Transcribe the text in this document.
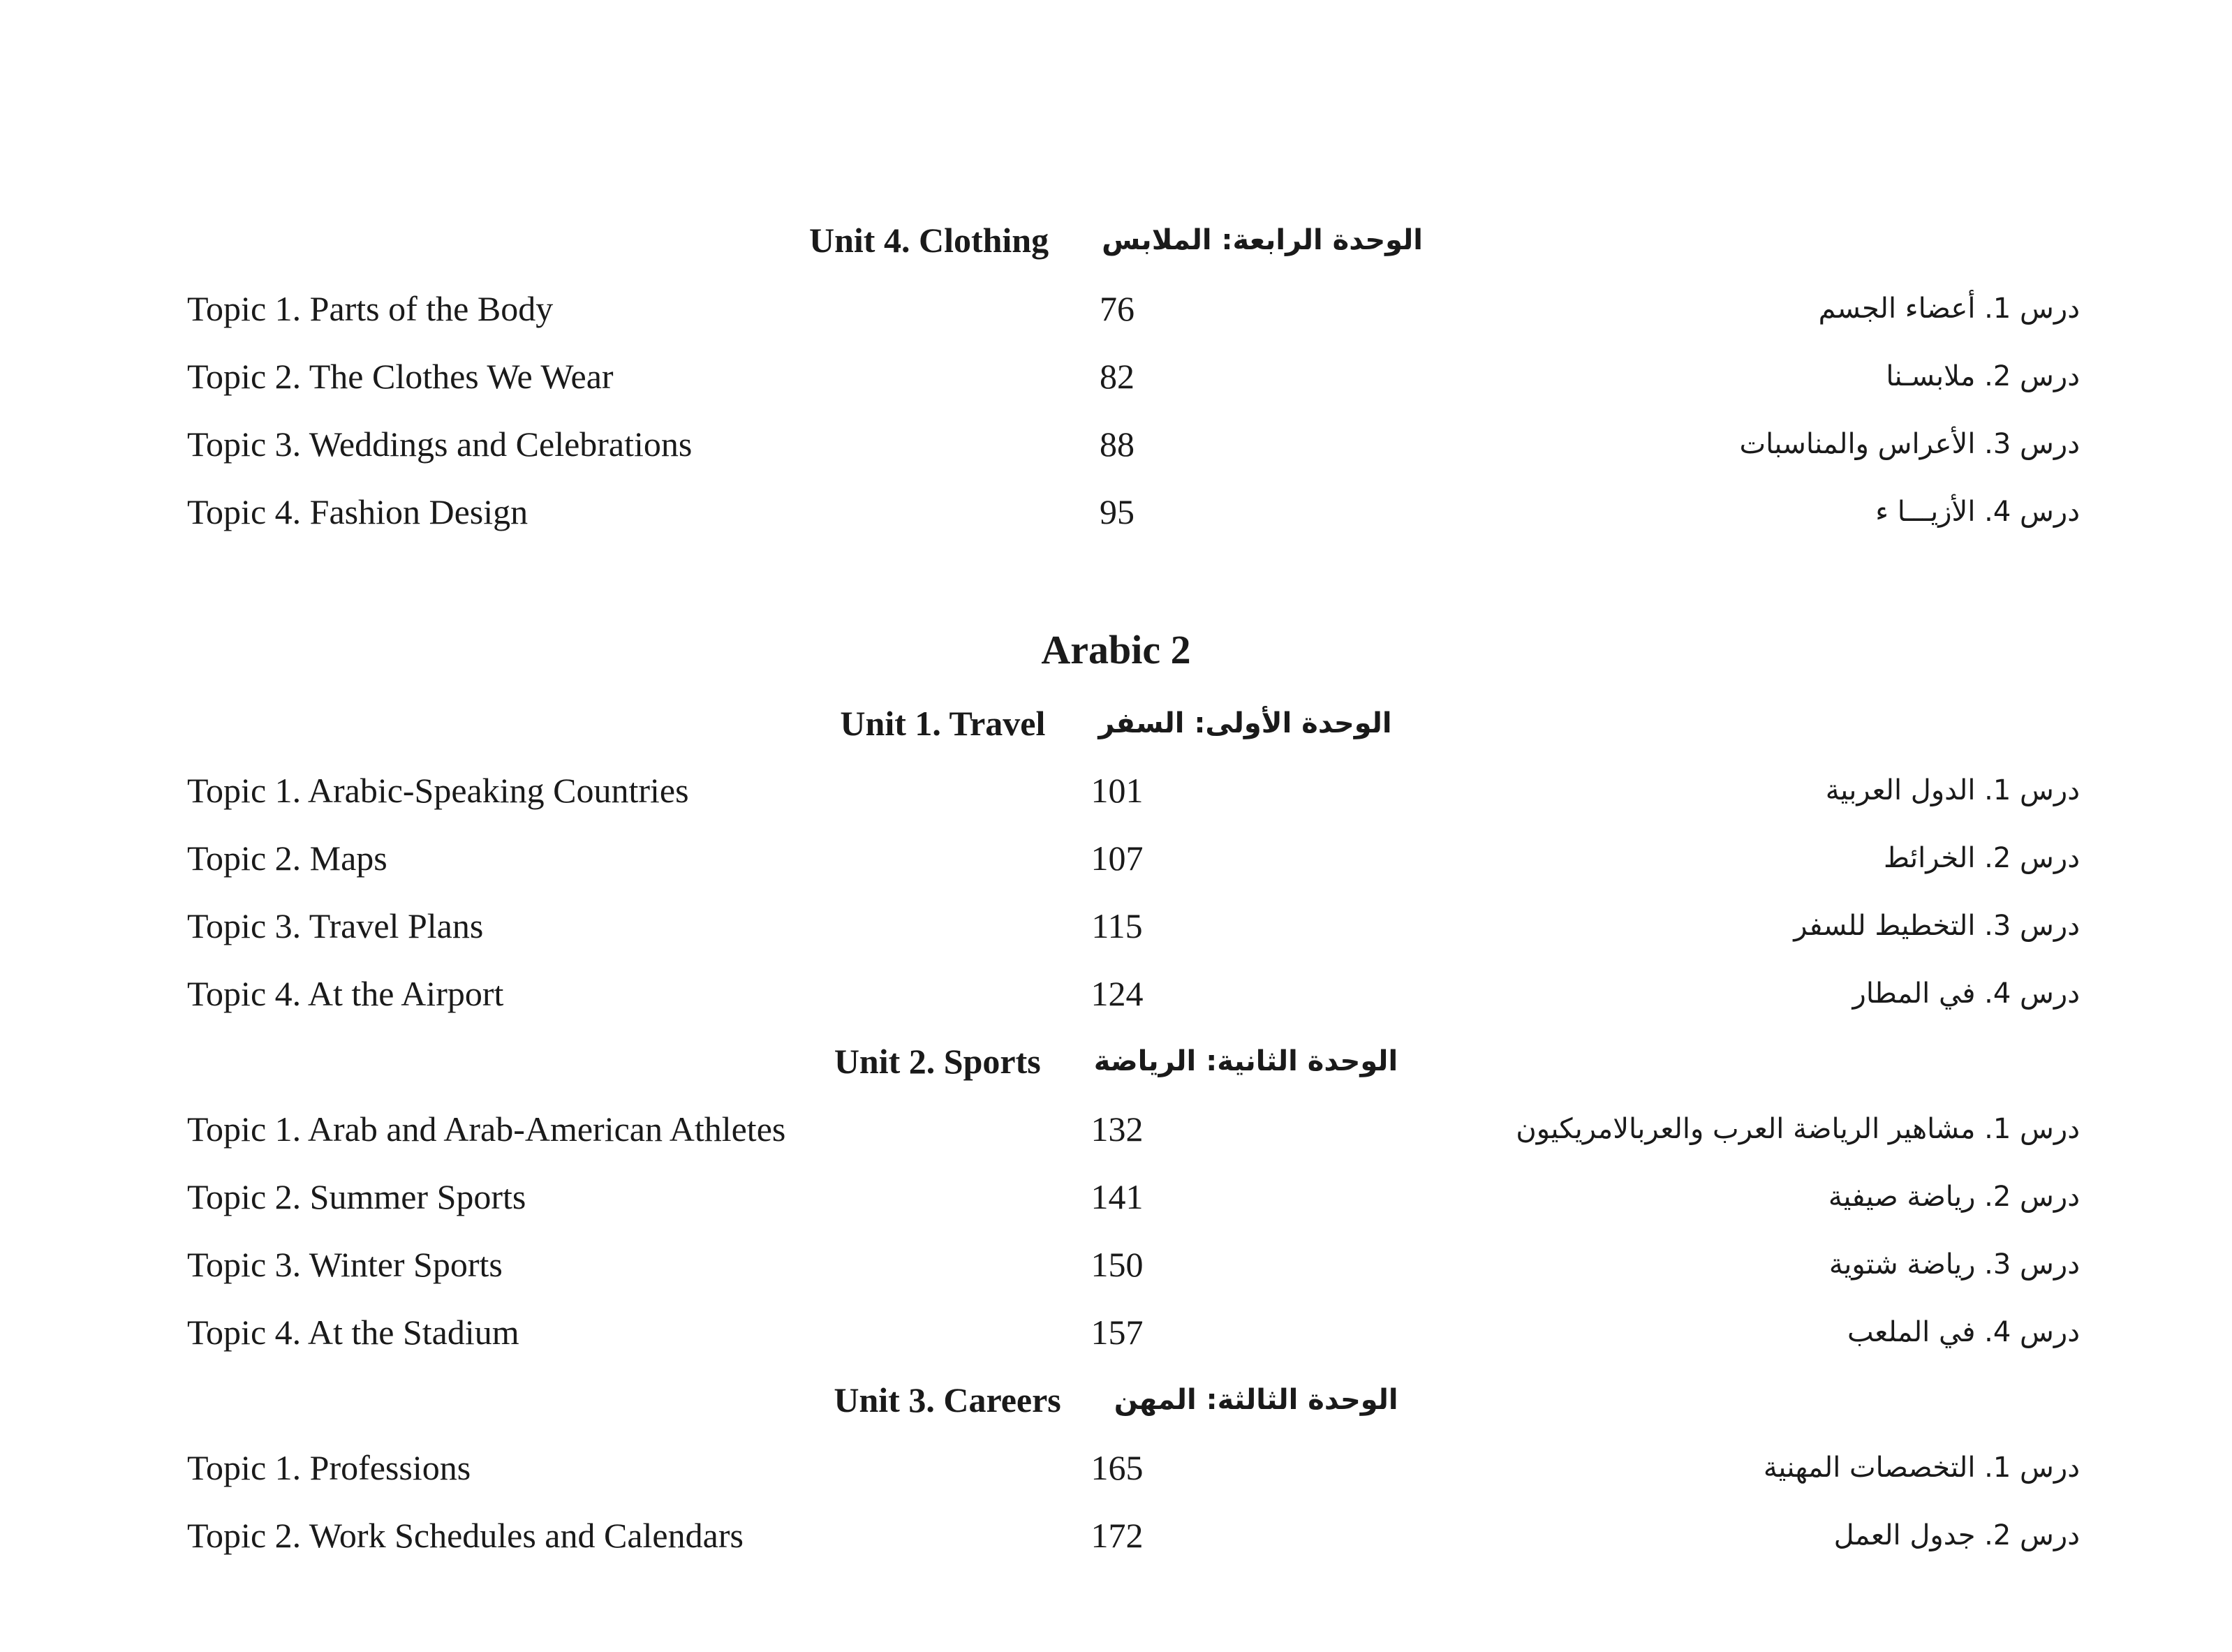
Unit 4. Clothing الوحدة الرابعة: الملابس
Topic 1. Parts of the Body	76	درس 1. أعضاء الجسم
Topic 2. The Clothes We Wear	82	درس 2. ملابسـنا
Topic 3. Weddings and Celebrations	88	درس 3. الأعراس والمناسبات
Topic 4. Fashion Design	95	درس 4. الأزيـــا ء
Arabic 2
Unit 1. Travel الوحدة الأولى: السفر
Topic 1. Arabic-Speaking Countries	101	درس 1. الدول العربية
Topic 2. Maps	107	درس 2. الخرائط
Topic 3. Travel Plans	115	درس 3. التخطيط للسفر
Topic 4. At the Airport	124	درس 4. في المطار
Unit 2. Sports الوحدة الثانية: الرياضة
Topic 1. Arab and Arab-American Athletes	132	درس 1. مشاهير الرياضة العرب والعربالامريكيون
Topic 2. Summer Sports	141	درس 2. رياضة صيفية
Topic 3. Winter Sports	150	درس 3. رياضة شتوية
Topic 4. At the Stadium	157	درس 4. في الملعب
Unit 3. Careers الوحدة الثالثة: المهن
Topic 1. Professions	165	درس 1. التخصصات المهنية
Topic 2. Work Schedules and Calendars	172	درس 2. جدول العمل
